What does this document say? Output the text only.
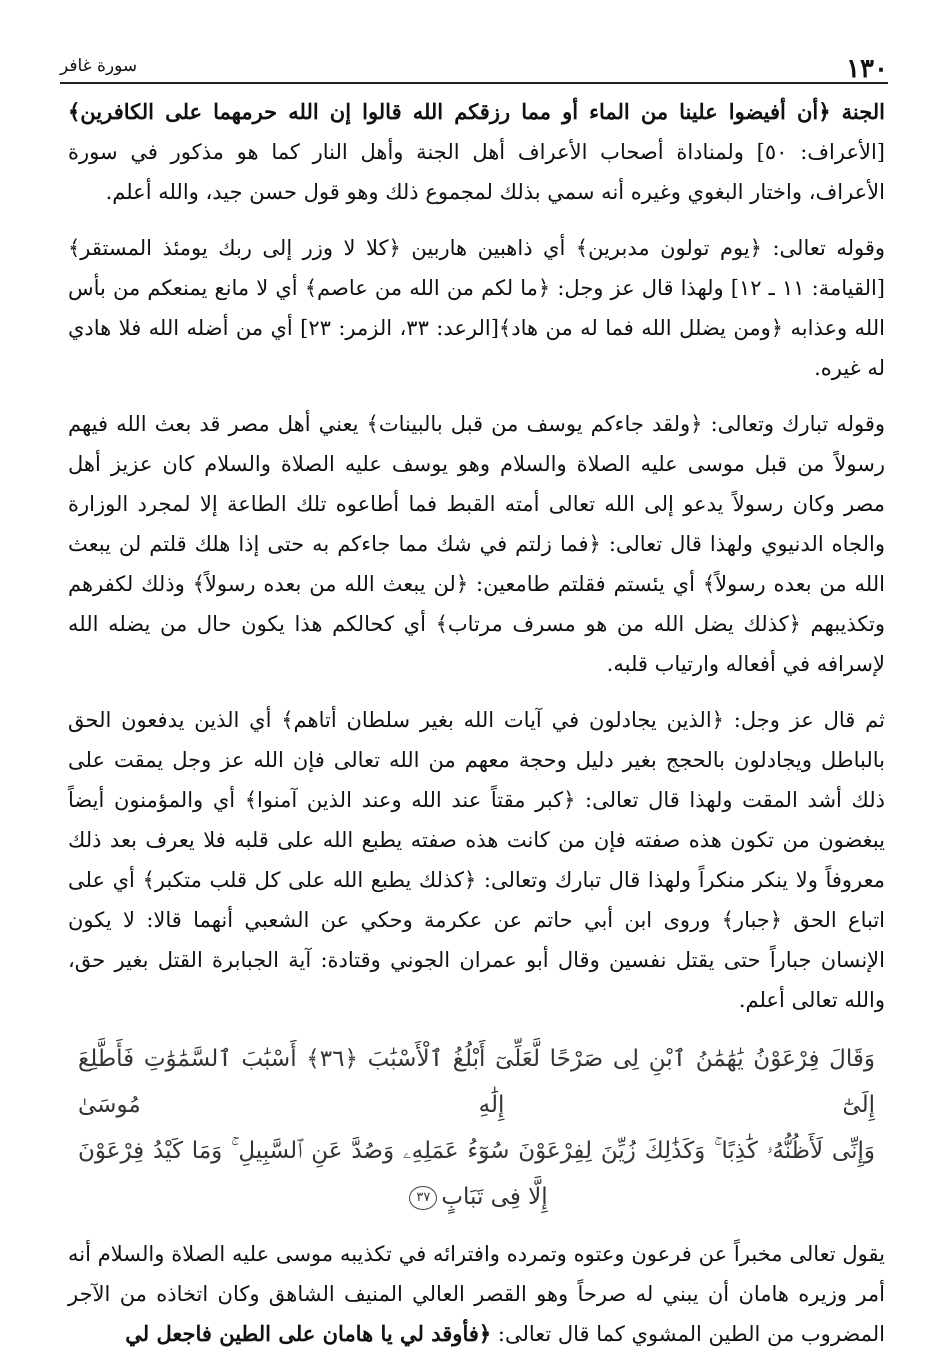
١٣٠
سورة غافر

الجنة ﴿أن أفيضوا علينا من الماء أو مما رزقكم الله قالوا إن الله حرمهما على الكافرين﴾ [الأعراف: ٥٠] ولمناداة أصحاب الأعراف أهل الجنة وأهل النار كما هو مذكور في سورة الأعراف، واختار البغوي وغيره أنه سمي بذلك لمجموع ذلك وهو قول حسن جيد، والله أعلم.

وقوله تعالى: ﴿يوم تولون مدبرين﴾ أي ذاهبين هاربين ﴿كلا لا وزر إلى ربك يومئذ المستقر﴾ [القيامة: ١١ ـ ١٢] ولهذا قال عز وجل: ﴿ما لكم من الله من عاصم﴾ أي لا مانع يمنعكم من بأس الله وعذابه ﴿ومن يضلل الله فما له من هاد﴾[الرعد: ٣٣، الزمر: ٢٣] أي من أضله الله فلا هادي له غيره.

وقوله تبارك وتعالى: ﴿ولقد جاءكم يوسف من قبل بالبينات﴾ يعني أهل مصر قد بعث الله فيهم رسولاً من قبل موسى عليه الصلاة والسلام وهو يوسف عليه الصلاة والسلام كان عزيز أهل مصر وكان رسولاً يدعو إلى الله تعالى أمته القبط فما أطاعوه تلك الطاعة إلا لمجرد الوزارة والجاه الدنيوي ولهذا قال تعالى: ﴿فما زلتم في شك مما جاءكم به حتى إذا هلك قلتم لن يبعث الله من بعده رسولاً﴾ أي يئستم فقلتم طامعين: ﴿لن يبعث الله من بعده رسولاً﴾ وذلك لكفرهم وتكذيبهم ﴿كذلك يضل الله من هو مسرف مرتاب﴾ أي كحالكم هذا يكون حال من يضله الله لإسرافه في أفعاله وارتياب قلبه.

ثم قال عز وجل: ﴿الذين يجادلون في آيات الله بغير سلطان أتاهم﴾ أي الذين يدفعون الحق بالباطل ويجادلون بالحجج بغير دليل وحجة معهم من الله تعالى فإن الله عز وجل يمقت على ذلك أشد المقت ولهذا قال تعالى: ﴿كبر مقتاً عند الله وعند الذين آمنوا﴾ أي والمؤمنون أيضاً يبغضون من تكون هذه صفته فإن من كانت هذه صفته يطبع الله على قلبه فلا يعرف بعد ذلك معروفاً ولا ينكر منكراً ولهذا قال تبارك وتعالى: ﴿كذلك يطبع الله على كل قلب متكبر﴾ أي على اتباع الحق ﴿جبار﴾ وروى ابن أبي حاتم عن عكرمة وحكي عن الشعبي أنهما قالا: لا يكون الإنسان جباراً حتى يقتل نفسين وقال أبو عمران الجوني وقتادة: آية الجبابرة القتل بغير حق، والله تعالى أعلم.

وَقَالَ فِرْعَوْنُ يَٰهَٰمَٰنُ ٱبْنِ لِى صَرْحًا لَّعَلِّىٓ أَبْلُغُ ٱلْأَسْبَٰبَ ﴿٣٦﴾ أَسْبَٰبَ ٱلسَّمَٰوَٰتِ فَأَطَّلِعَ إِلَىٰٓ إِلَٰهِ مُوسَىٰ
وَإِنِّى لَأَظُنُّهُۥ كَٰذِبًا ۚ وَكَذَٰلِكَ زُيِّنَ لِفِرْعَوْنَ سُوٓءُ عَمَلِهِۦ وَصُدَّ عَنِ ٱلسَّبِيلِ ۚ وَمَا كَيْدُ فِرْعَوْنَ
إِلَّا فِى تَبَابٍ٣٧

يقول تعالى مخبراً عن فرعون وعتوه وتمرده وافترائه في تكذيبه موسى عليه الصلاة والسلام أنه أمر وزيره هامان أن يبني له صرحاً وهو القصر العالي المنيف الشاهق وكان اتخاذه من الآجر المضروب من الطين المشوي كما قال تعالى: ﴿فأوقد لي يا هامان على الطين فاجعل لي
